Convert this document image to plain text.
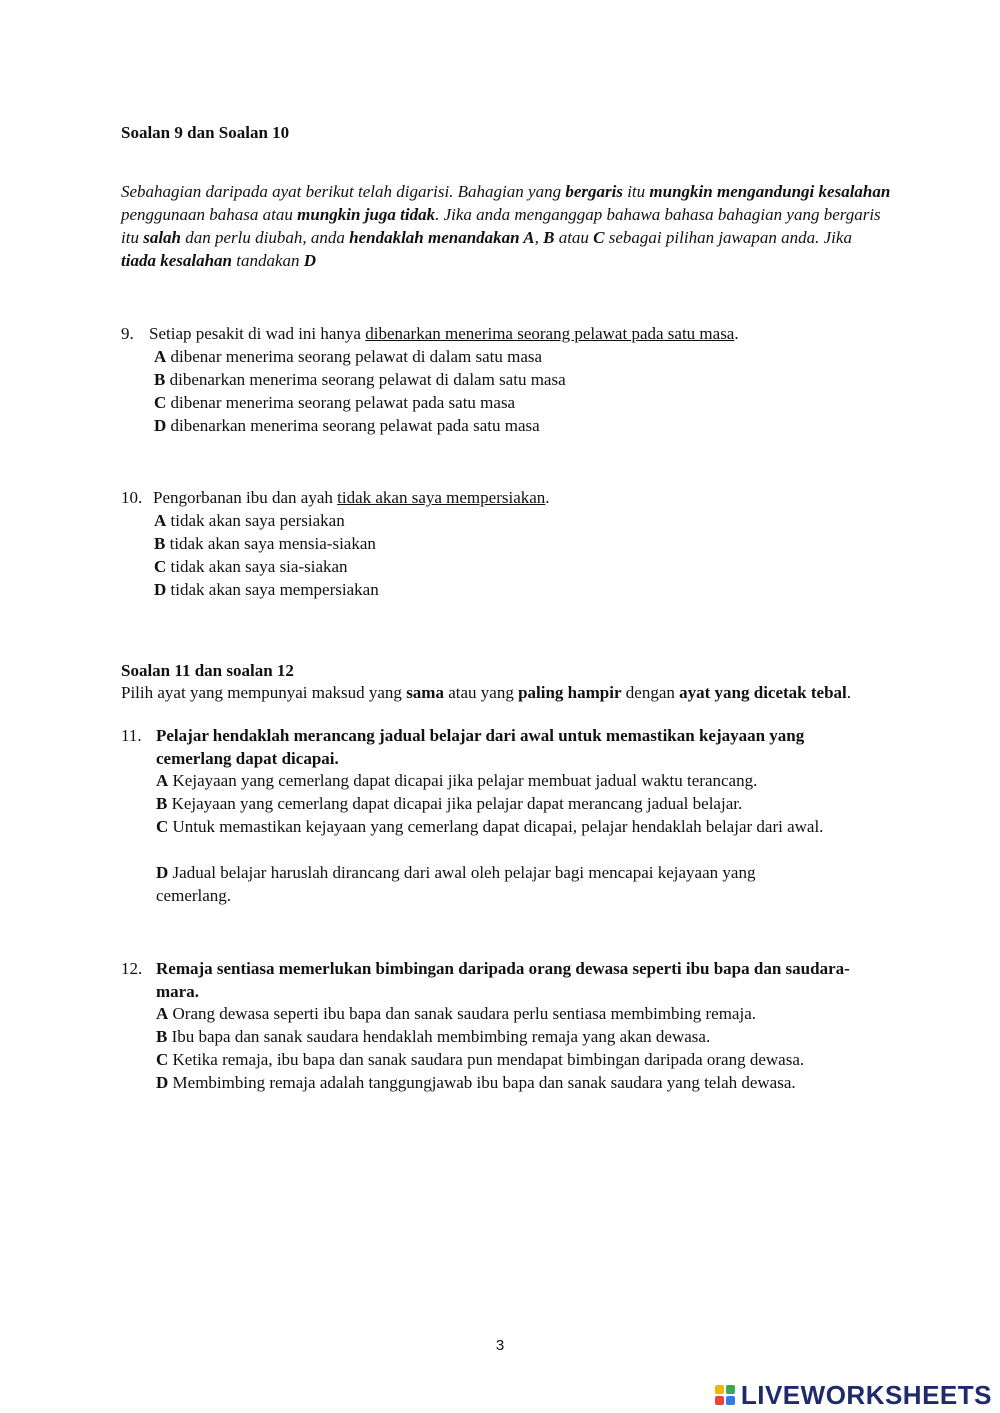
Soalan 9 dan Soalan 10
Sebahagian daripada ayat berikut telah digarisi. Bahagian yang bergaris itu mungkin mengandungi kesalahan penggunaan bahasa atau mungkin juga tidak. Jika anda menganggap bahawa bahasa bahagian yang bergaris itu salah dan perlu diubah, anda hendaklah menandakan A, B atau C sebagai pilihan jawapan anda. Jika tiada kesalahan tandakan D
9. Setiap pesakit di wad ini hanya dibenarkan menerima seorang pelawat pada satu masa.
A dibenar menerima seorang pelawat di dalam satu masa
B dibenarkan menerima seorang pelawat di dalam satu masa
C dibenar menerima seorang pelawat pada satu masa
D dibenarkan menerima seorang pelawat pada satu masa
10. Pengorbanan ibu dan ayah tidak akan saya mempersiakan.
A tidak akan saya persiakan
B tidak akan saya mensia-siakan
C tidak akan saya sia-siakan
D tidak akan saya mempersiakan
Soalan 11 dan soalan 12
Pilih ayat yang mempunyai maksud yang sama atau yang paling hampir dengan ayat yang dicetak tebal.
11. Pelajar hendaklah merancang jadual belajar dari awal untuk memastikan kejayaan yang cemerlang dapat dicapai.
A Kejayaan yang cemerlang dapat dicapai jika pelajar membuat jadual waktu terancang.
B Kejayaan yang cemerlang dapat dicapai jika pelajar dapat merancang jadual belajar.
C Untuk memastikan kejayaan yang cemerlang dapat dicapai, pelajar hendaklah belajar dari awal.
D Jadual belajar haruslah dirancang dari awal oleh pelajar bagi mencapai kejayaan yang cemerlang.
12. Remaja sentiasa memerlukan bimbingan daripada orang dewasa seperti ibu bapa dan saudara-mara.
A Orang dewasa seperti ibu bapa dan sanak saudara perlu sentiasa membimbing remaja.
B Ibu bapa dan sanak saudara hendaklah membimbing remaja yang akan dewasa.
C Ketika remaja, ibu bapa dan sanak saudara pun mendapat bimbingan daripada orang dewasa.
D Membimbing remaja adalah tanggungjawab ibu bapa dan sanak saudara yang telah dewasa.
3
LIVEWORKSHEETS
